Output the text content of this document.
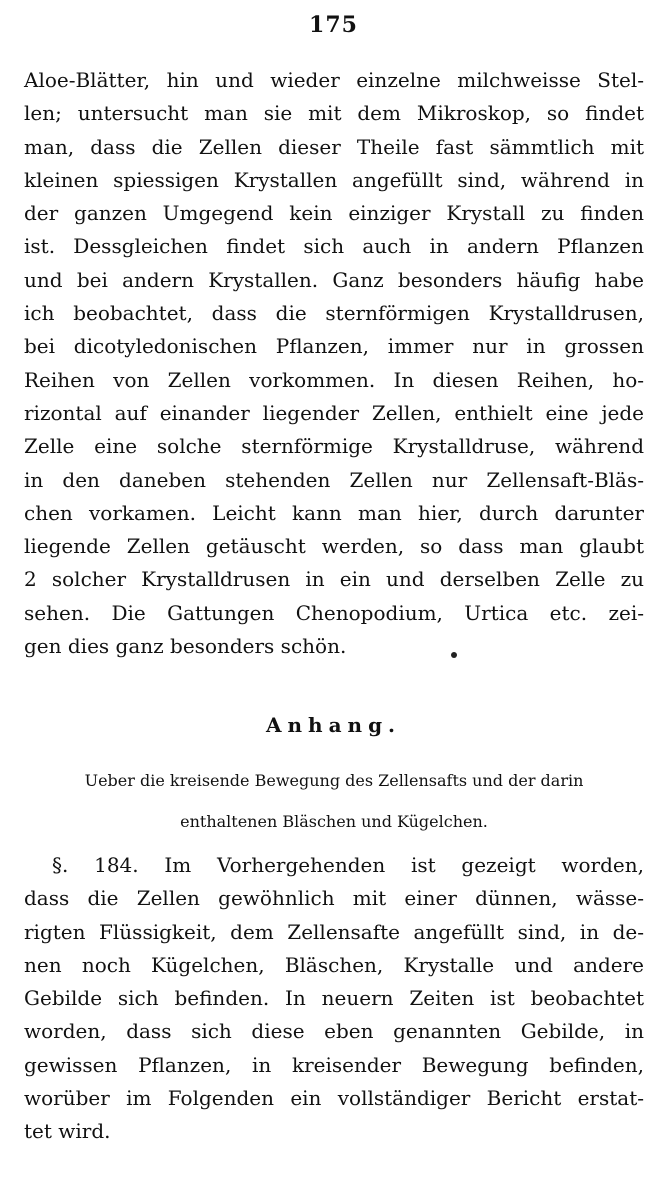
175
Aloe-Blätter, hin und wieder einzelne milchweisse Stel-
len; untersucht man sie mit dem Mikroskop, so findet
man, dass die Zellen dieser Theile fast sämmtlich mit
kleinen spiessigen Krystallen angefüllt sind, während in
der ganzen Umgegend kein einziger Krystall zu finden
ist. Dessgleichen findet sich auch in andern Pflanzen
und bei andern Krystallen. Ganz besonders häufig habe
ich beobachtet, dass die sternförmigen Krystalldrusen,
bei dicotyledonischen Pflanzen, immer nur in grossen
Reihen von Zellen vorkommen. In diesen Reihen, ho-
rizontal auf einander liegender Zellen, enthielt eine jede
Zelle eine solche sternförmige Krystalldruse, während
in den daneben stehenden Zellen nur Zellensaft-Bläs-
chen vorkamen. Leicht kann man hier, durch darunter
liegende Zellen getäuscht werden, so dass man glaubt
2 solcher Krystalldrusen in ein und derselben Zelle zu
sehen. Die Gattungen Chenopodium, Urtica etc. zei-
gen dies ganz besonders schön.
Anhang.
Ueber die kreisende Bewegung des Zellensafts und der darin
enthaltenen Bläschen und Kügelchen.
§. 184. Im Vorhergehenden ist gezeigt worden,
dass die Zellen gewöhnlich mit einer dünnen, wässe-
rigten Flüssigkeit, dem Zellensafte angefüllt sind, in de-
nen noch Kügelchen, Bläschen, Krystalle und andere
Gebilde sich befinden. In neuern Zeiten ist beobachtet
worden, dass sich diese eben genannten Gebilde, in
gewissen Pflanzen, in kreisender Bewegung befinden,
worüber im Folgenden ein vollständiger Bericht erstat-
tet wird.
